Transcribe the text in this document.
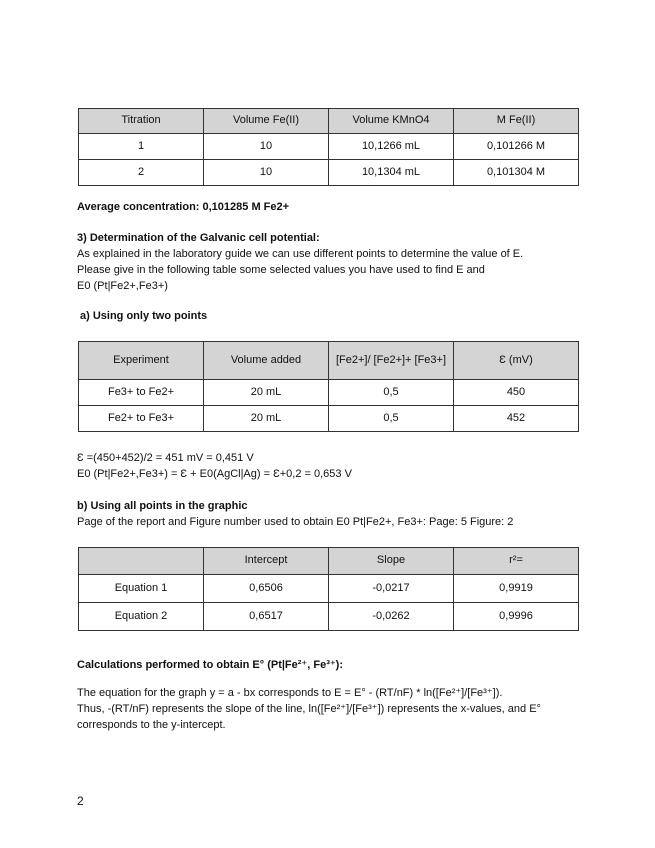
Titration	Volume Fe(II)	Volume KMnO4	M Fe(II)
1	10	10,1266 mL	0,101266 M
2	10	10,1304 mL	0,101304 M

Average concentration: 0,101285 M Fe2+

3) Determination of the Galvanic cell potential:

As explained in the laboratory guide we can use different points to determine the value of E.

Please give in the following table some selected values you have used to find E and

E0 (Pt|Fe2+,Fe3+)

a) Using only two points

Experiment	Volume added	[Fe2+]/ [Fe2+]+ [Fe3+]	Ɛ (mV)
Fe3+ to Fe2+	20 mL	0,5	450
Fe2+ to Fe3+	20 mL	0,5	452

Ɛ =(450+452)/2 = 451 mV = 0,451 V

E0 (Pt|Fe2+,Fe3+) = Ɛ + E0(AgCl|Ag) = Ɛ+0,2 = 0,653 V

b) Using all points in the graphic

Page of the report and Figure number used to obtain E0 Pt|Fe2+, Fe3+: Page: 5 Figure: 2

	Intercept	Slope	r²=
Equation 1	0,6506	-0,0217	0,9919
Equation 2	0,6517	-0,0262	0,9996

Calculations performed to obtain E° (Pt|Fe²⁺, Fe³⁺):

The equation for the graph y = a - bx corresponds to E = E° - (RT/nF) * ln([Fe²⁺]/[Fe³⁺]).

Thus, -(RT/nF) represents the slope of the line, ln([Fe²⁺]/[Fe³⁺]) represents the x-values, and E°

corresponds to the y-intercept.

2
